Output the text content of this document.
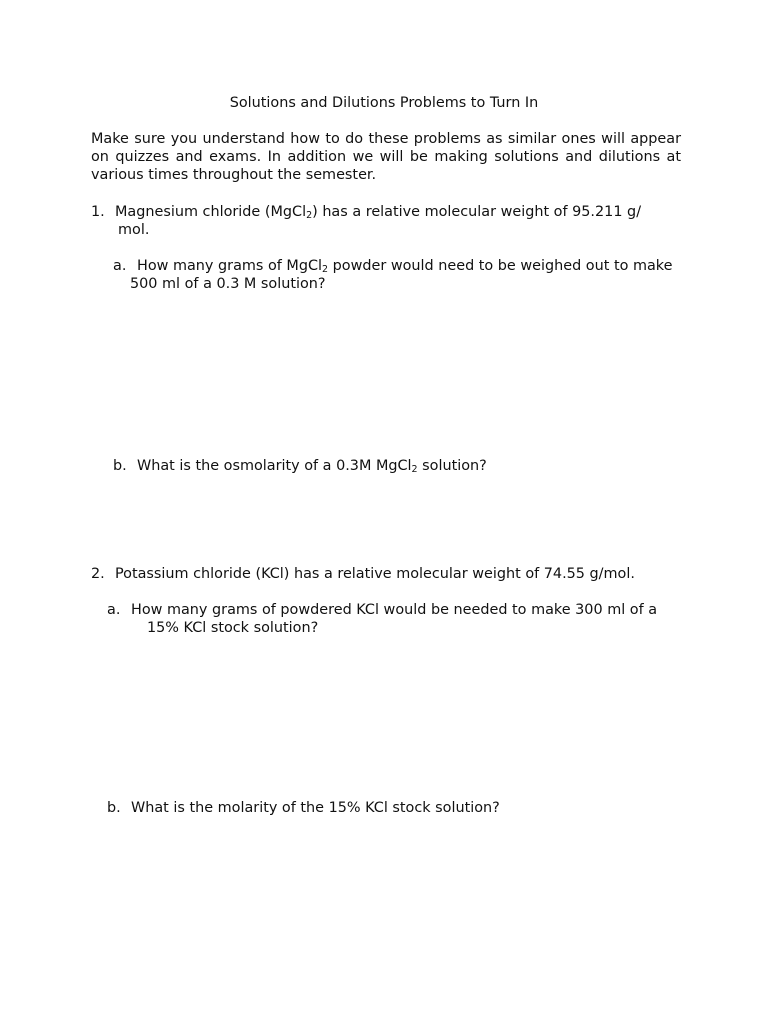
Solutions and Dilutions Problems to Turn In
Make sure you understand how to do these problems as similar ones will appear
on quizzes and exams. In addition we will be making solutions and dilutions at
various times throughout the semester.
1. Magnesium chloride (MgCl$_2$) has a relative molecular weight of 95.211 g/
mol.
a. How many grams of MgCl$_2$ powder would need to be weighed out to make
500 ml of a 0.3 M solution?
b. What is the osmolarity of a 0.3M MgCl$_2$ solution?
2. Potassium chloride (KCl) has a relative molecular weight of 74.55 g/mol.
a. How many grams of powdered KCl would be needed to make 300 ml of a
15% KCl stock solution?
b. What is the molarity of the 15% KCl stock solution?
